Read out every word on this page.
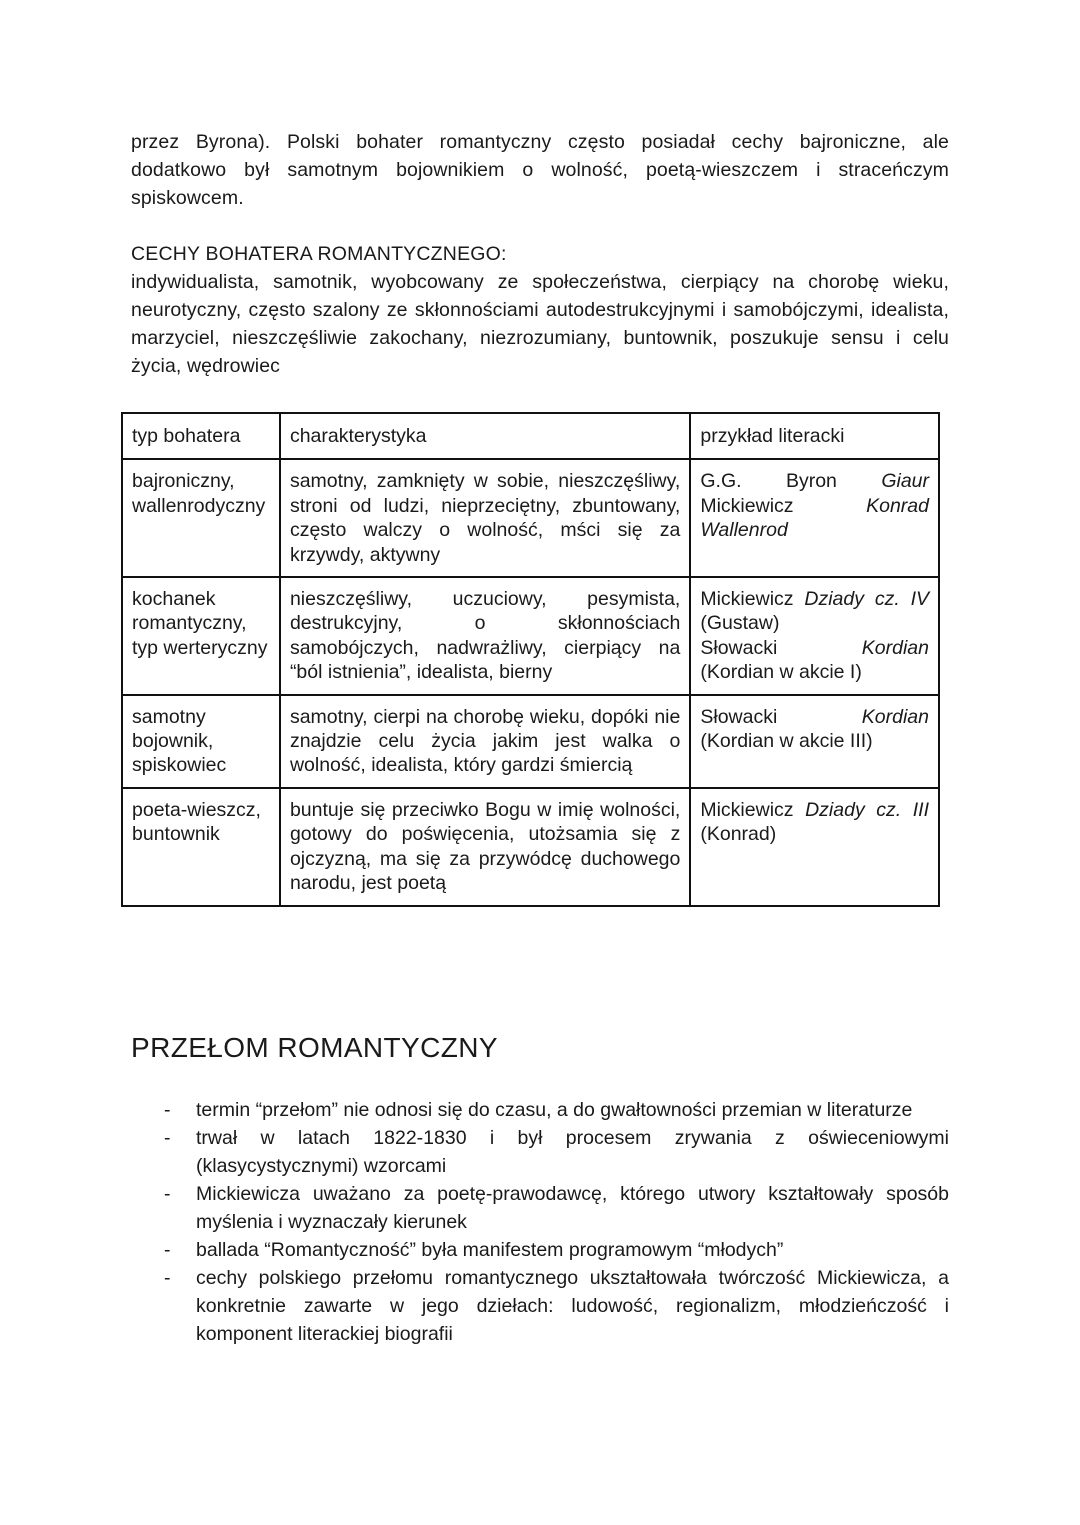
przez Byrona). Polski bohater romantyczny często posiadał cechy bajroniczne, ale dodatkowo był samotnym bojownikiem o wolność, poetą-wieszczem i straceńczym spiskowcem.

CECHY BOHATERA ROMANTYCZNEGO:

indywidualista, samotnik, wyobcowany ze społeczeństwa, cierpiący na chorobę wieku, neurotyczny, często szalony ze skłonnościami autodestrukcyjnymi i samobójczymi, idealista, marzyciel, nieszczęśliwie zakochany, niezrozumiany, buntownik, poszukuje sensu i celu życia, wędrowiec

typ bohatera	charakterystyka	przykład literacki
bajroniczny, wallenrodyczny	samotny, zamknięty w sobie, nieszczęśliwy, stroni od ludzi, nieprzeciętny, zbuntowany, często walczy o wolność, mści się za krzywdy, aktywny	G.G. Byron Giaur
Mickiewicz Konrad Wallenrod

kochanek romantyczny, typ werteryczny	nieszczęśliwy, uczuciowy, pesymista, destrukcyjny, o skłonnościach samobójczych, nadwrażliwy, cierpiący na “ból istnienia”, idealista, bierny	Mickiewicz Dziady cz. IV (Gustaw)
Słowacki Kordian (Kordian w akcie I)

samotny bojownik, spiskowiec	samotny, cierpi na chorobę wieku, dopóki nie znajdzie celu życia jakim jest walka o wolność, idealista, który gardzi śmiercią	Słowacki Kordian (Kordian w akcie III)

poeta-wieszcz, buntownik	buntuje się przeciwko Bogu w imię wolności, gotowy do poświęcenia, utożsamia się z ojczyzną, ma się za przywódcę duchowego narodu, jest poetą	Mickiewicz Dziady cz. III (Konrad)
PRZEŁOM ROMANTYCZNY
- termin “przełom” nie odnosi się do czasu, a do gwałtowności przemian w literaturze
- trwał w latach 1822-1830 i był procesem zrywania z oświeceniowymi (klasycystycznymi) wzorcami
- Mickiewicza uważano za poetę-prawodawcę, którego utwory kształtowały sposób myślenia i wyznaczały kierunek
- ballada “Romantyczność” była manifestem programowym “młodych”
- cechy polskiego przełomu romantycznego ukształtowała twórczość Mickiewicza, a konkretnie zawarte w jego dziełach: ludowość, regionalizm, młodzieńczość i komponent literackiej biografii
